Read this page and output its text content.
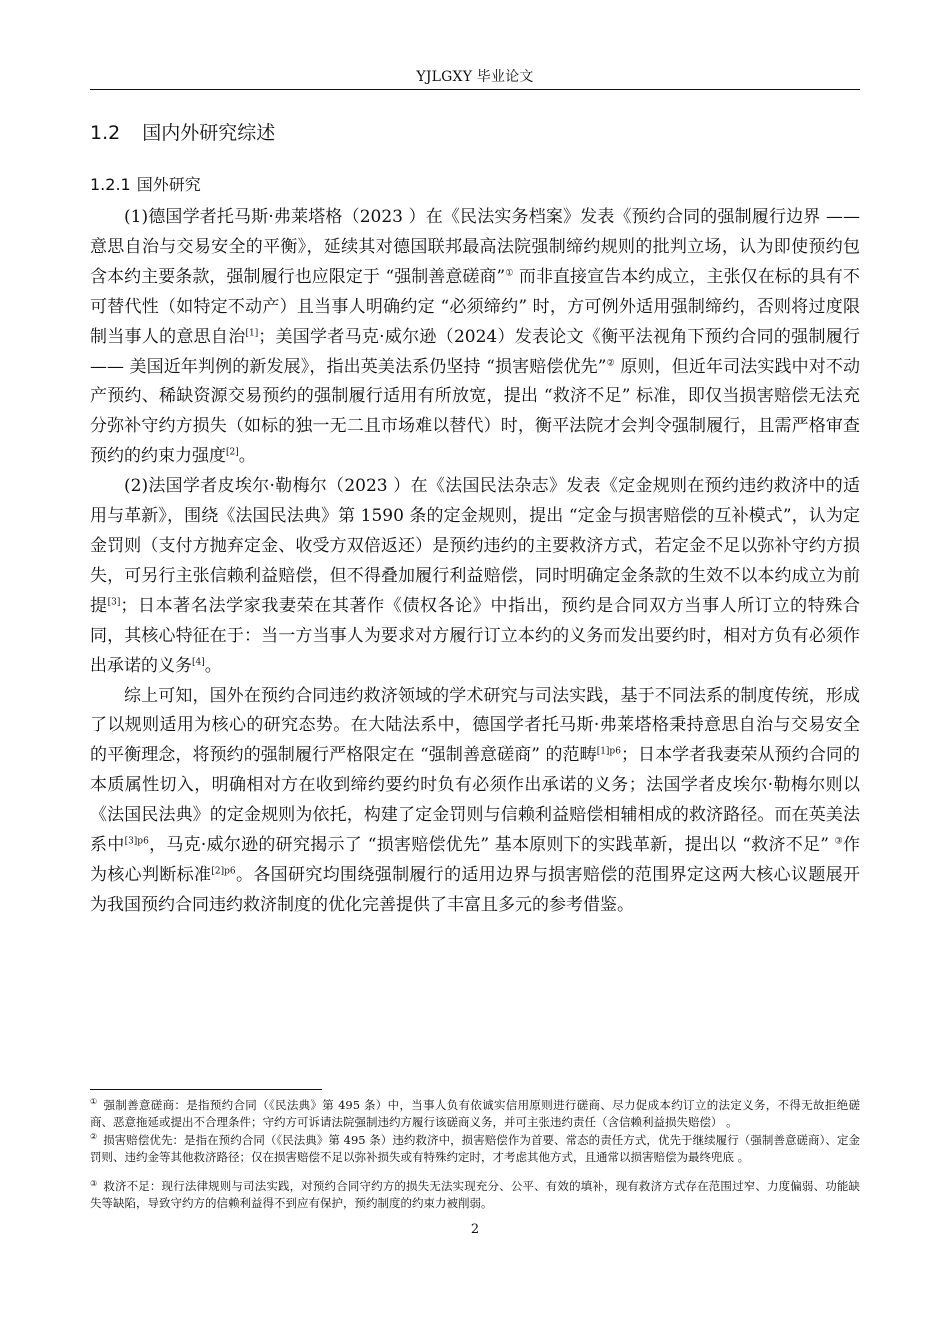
YJLGXY 毕业论文
1.2 国内外研究综述
1.2.1 国外研究

(1)德国学者托马斯·弗莱塔格（2023 ）在《民法实务档案》发表《预约合同的强制履行边界 —— 意思自治与交易安全的平衡》，延续其对德国联邦最高法院强制缔约规则的批判立场，认为即使预约包含本约主要条款，强制履行也应限定于 “强制善意磋商”① 而非直接宣告本约成立，主张仅在标的具有不可替代性（如特定不动产）且当事人明确约定 “必须缔约” 时，方可例外适用强制缔约，否则将过度限制当事人的意思自治[1]；美国学者马克·威尔逊（2024）发表论文《衡平法视角下预约合同的强制履行 —— 美国近年判例的新发展》，指出英美法系仍坚持 “损害赔偿优先”② 原则，但近年司法实践中对不动产预约、稀缺资源交易预约的强制履行适用有所放宽，提出 “救济不足” 标准，即仅当损害赔偿无法充分弥补守约方损失（如标的独一无二且市场难以替代）时，衡平法院才会判令强制履行，且需严格审查预约的约束力强度[2]。

(2)法国学者皮埃尔·勒梅尔（2023 ）在《法国民法杂志》发表《定金规则在预约违约救济中的适用与革新》，围绕《法国民法典》第 1590 条的定金规则，提出 “定金与损害赔偿的互补模式”，认为定金罚则（支付方抛弃定金、收受方双倍返还）是预约违约的主要救济方式，若定金不足以弥补守约方损失，可另行主张信赖利益赔偿，但不得叠加履行利益赔偿，同时明确定金条款的生效不以本约成立为前提[3]；日本著名法学家我妻荣在其著作《债权各论》中指出，预约是合同双方当事人所订立的特殊合同，其核心特征在于：当一方当事人为要求对方履行订立本约的义务而发出要约时，相对方负有必须作出承诺的义务[4]。

综上可知，国外在预约合同违约救济领域的学术研究与司法实践，基于不同法系的制度传统，形成了以规则适用为核心的研究态势。在大陆法系中，德国学者托马斯·弗莱塔格秉持意思自治与交易安全的平衡理念，将预约的强制履行严格限定在 “强制善意磋商” 的范畴$^{[1]p6}$；日本学者我妻荣从预约合同的本质属性切入，明确相对方在收到缔约要约时负有必须作出承诺的义务；法国学者皮埃尔·勒梅尔则以《法国民法典》的定金规则为依托，构建了定金罚则与信赖利益赔偿相辅相成的救济路径。而在英美法系中$^{[3]p6}$，马克·威尔逊的研究揭示了 “损害赔偿优先” 基本原则下的实践革新，提出以 “救济不足” ③作为核心判断标准$^{[2]p6}$。各国研究均围绕强制履行的适用边界与损害赔偿的范围界定这两大核心议题展开为我国预约合同违约救济制度的优化完善提供了丰富且多元的参考借鉴。

① 强制善意磋商：是指预约合同（《民法典》第 495 条）中，当事人负有依诚实信用原则进行磋商、尽力促成本约订立的法定义务，不得无故拒绝磋商、恶意拖延或提出不合理条件；守约方可诉请法院强制违约方履行该磋商义务，并可主张违约责任（含信赖利益损失赔偿） 。

② 损害赔偿优先：是指在预约合同（《民法典》第 495 条）违约救济中，损害赔偿作为首要、常态的责任方式，优先于继续履行（强制善意磋商）、定金罚则、违约金等其他救济路径；仅在损害赔偿不足以弥补损失或有特殊约定时，才考虑其他方式，且通常以损害赔偿为最终兜底 。

③ 救济不足：现行法律规则与司法实践，对预约合同守约方的损失无法实现充分、公平、有效的填补，现有救济方式存在范围过窄、力度偏弱、功能缺失等缺陷，导致守约方的信赖利益得不到应有保护，预约制度的约束力被削弱。

2
